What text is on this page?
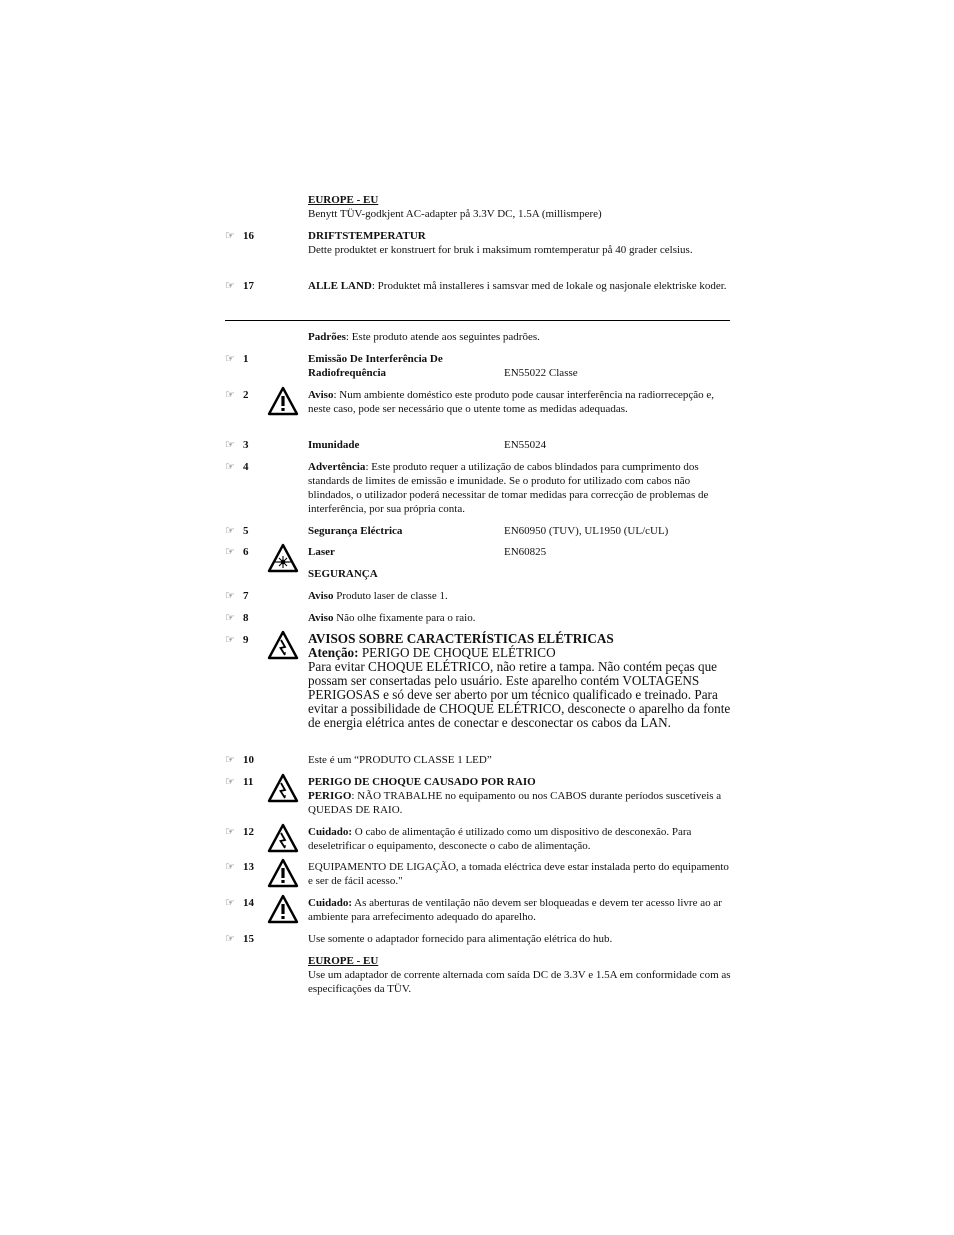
EUROPE - EU

Benytt TÜV-godkjent AC-adapter på 3.3V DC, 1.5A (millismpere)

☞ 16	DRIFTSTEMPERATUR

Dette produktet er konstruert for bruk i maksimum romtemperatur på 40 grader celsius.

☞ 17	ALLE LAND: Produktet må installeres i samsvar med de lokale og nasjonale elektriske koder.

Padrões: Este produto atende aos seguintes padrões.

☞ 1	Emissão De Interferência De Radiofrequência	EN55022 Classe
☞ 2	Aviso: Num ambiente doméstico este produto pode causar interferência na radiorrecepção e, neste caso, pode ser necessário que o utente tome as medidas adequadas.

☞ 3	Imunidade	EN55024
☞ 4	Advertência: Este produto requer a utilização de cabos blindados para cumprimento dos standards de limites de emissão e imunidade. Se o produto for utilizado com cabos não blindados, o utilizador poderá necessitar de tomar medidas para correcção de problemas de interferência, por sua própria conta.

☞ 5	Segurança Eléctrica	EN60950 (TUV), UL1950 (UL/cUL)
☞ 6	Laser	EN60825

SEGURANÇA

☞ 7	Aviso Produto laser de classe 1.

☞ 8	Aviso Não olhe fixamente para o raio.

☞ 9	AVISOS SOBRE CARACTERÍSTICAS ELÉTRICAS

Atenção: PERIGO DE CHOQUE ELÉTRICO

Para evitar CHOQUE ELÉTRICO, não retire a tampa. Não contém peças que possam ser consertadas pelo usuário. Este aparelho contém VOLTAGENS PERIGOSAS e só deve ser aberto por um técnico qualificado e treinado. Para evitar a possibilidade de CHOQUE ELÉTRICO, desconecte o aparelho da fonte de energia elétrica antes de conectar e desconectar os cabos da LAN.

☞ 10	Este é um “PRODUTO CLASSE 1 LED”

☞ 11	PERIGO DE CHOQUE CAUSADO POR RAIO

PERIGO: NÃO TRABALHE no equipamento ou nos CABOS durante períodos suscetíveis a QUEDAS DE RAIO.

☞ 12	Cuidado: O cabo de alimentação é utilizado como um dispositivo de desconexão. Para deseletrificar o equipamento, desconecte o cabo de alimentação.

☞ 13	EQUIPAMENTO DE LIGAÇÃO, a tomada eléctrica deve estar instalada perto do equipamento e ser de fácil acesso."

☞ 14	Cuidado: As aberturas de ventilação não devem ser bloqueadas e devem ter acesso livre ao ar ambiente para arrefecimento adequado do aparelho.

☞ 15	Use somente o adaptador fornecido para alimentação elétrica do hub.

EUROPE - EU

Use um adaptador de corrente alternada com saída DC de 3.3V e 1.5A em conformidade com as especificações da TÜV.
